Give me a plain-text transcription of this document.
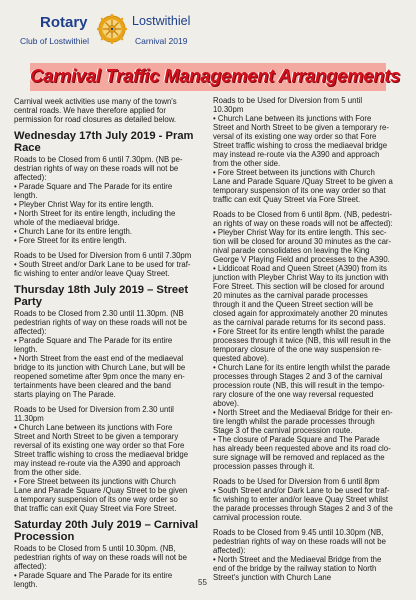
Rotary
Club of Lostwithiel
Lostwithiel
Carnival 2019
Carnival Traffic Management Arrangements

Carnival week activities use many of the town's
central roads. We have therefore applied for
permission for road closures as detailed below.

Wednesday 17th July 2019 - Pram Race

Roads to be Closed from 6 until 7.30pm. (NB pe-
destrian rights of way on these roads will not be
affected):
• Parade Square and The Parade for its entire
length.
• Pleyber Christ Way for its entire length.
• North Street for its entire length, including the
whole of the mediaeval bridge.
• Church Lane for its entire length.
• Fore Street for its entire length.

Roads to be Used for Diversion from 6 until 7.30pm
• South Street and/or Dark Lane to be used for traf-
fic wishing to enter and/or leave Quay Street.

Thursday 18th July 2019 – Street Party

Roads to be Closed from 2.30 until 11.30pm. (NB
pedestrian rights of way on these roads will not be
affected):
• Parade Square and The Parade for its entire
length.
• North Street from the east end of the mediaeval
bridge to its junction with Church Lane, but will be
reopened sometime after 9pm once the many en-
tertainments have been cleared and the band
starts playing on The Parade.

Roads to be Used for Diversion from 2.30 until
11.30pm
• Church Lane between its junctions with Fore
Street and North Street to be given a temporary
reversal of its existing one way order so that Fore
Street traffic wishing to cross the mediaeval bridge
may instead re-route via the A390 and approach
from the other side.
• Fore Street between its junctions with Church
Lane and Parade Square /Quay Street to be given
a temporary suspension of its one way order so
that traffic can exit Quay Street via Fore Street.

Saturday 20th July 2019 – Carnival
Procession

Roads to be Closed from 5 until 10.30pm. (NB,
pedestrian rights of way on these roads will not be
affected):
• Parade Square and The Parade for its entire
length.

Roads to be Used for Diversion from 5 until
10.30pm
• Church Lane between its junctions with Fore
Street and North Street to be given a temporary re-
versal of its existing one way order so that Fore
Street traffic wishing to cross the mediaeval bridge
may instead re-route via the A390 and approach
from the other side.
• Fore Street between its junctions with Church
Lane and Parade Square /Quay Street to be given a
temporary suspension of its one way order so that
traffic can exit Quay Street via Fore Street.

Roads to be Closed from 6 until 8pm. (NB, pedestri-
an rights of way on these roads will not be affected):
• Pleyber Christ Way for its entire length. This sec-
tion will be closed for around 30 minutes as the car-
nival parade consolidates on leaving the King
George V Playing Field and processes to the A390.
• Liddicoat Road and Queen Street (A390) from its
junction with Pleyber Christ Way to its junction with
Fore Street. This section will be closed for around
20 minutes as the carnival parade processes
through it and the Queen Street section will be
closed again for approximately another 20 minutes
as the carnival parade returns for its second pass.
• Fore Street for its entire length whilst the parade
processes through it twice (NB, this will result in the
temporary closure of the one way suspension re-
quested above).
• Church Lane for its entire length whilst the parade
processes through Stages 2 and 3 of the carnival
procession route (NB, this will result in the tempo-
rary closure of the one way reversal requested
above).
• North Street and the Mediaeval Bridge for their en-
tire length whilst the parade processes through
Stage 3 of the carnival procession route.
• The closure of Parade Square and The Parade
has already been requested above and its road clo-
sure signage will be removed and replaced as the
procession passes through it.

Roads to be Used for Diversion from 6 until 8pm
• South Street and/or Dark Lane to be used for traf-
fic wishing to enter and/or leave Quay Street whilst
the parade processes through Stages 2 and 3 of the
carnival procession route.

Roads to be Closed from 9.45 until 10.30pm (NB,
pedestrian rights of way on these roads will not be
affected):
• North Street and the Mediaeval Bridge from the
end of the bridge by the railway station to North
Street's junction with Church Lane

55
